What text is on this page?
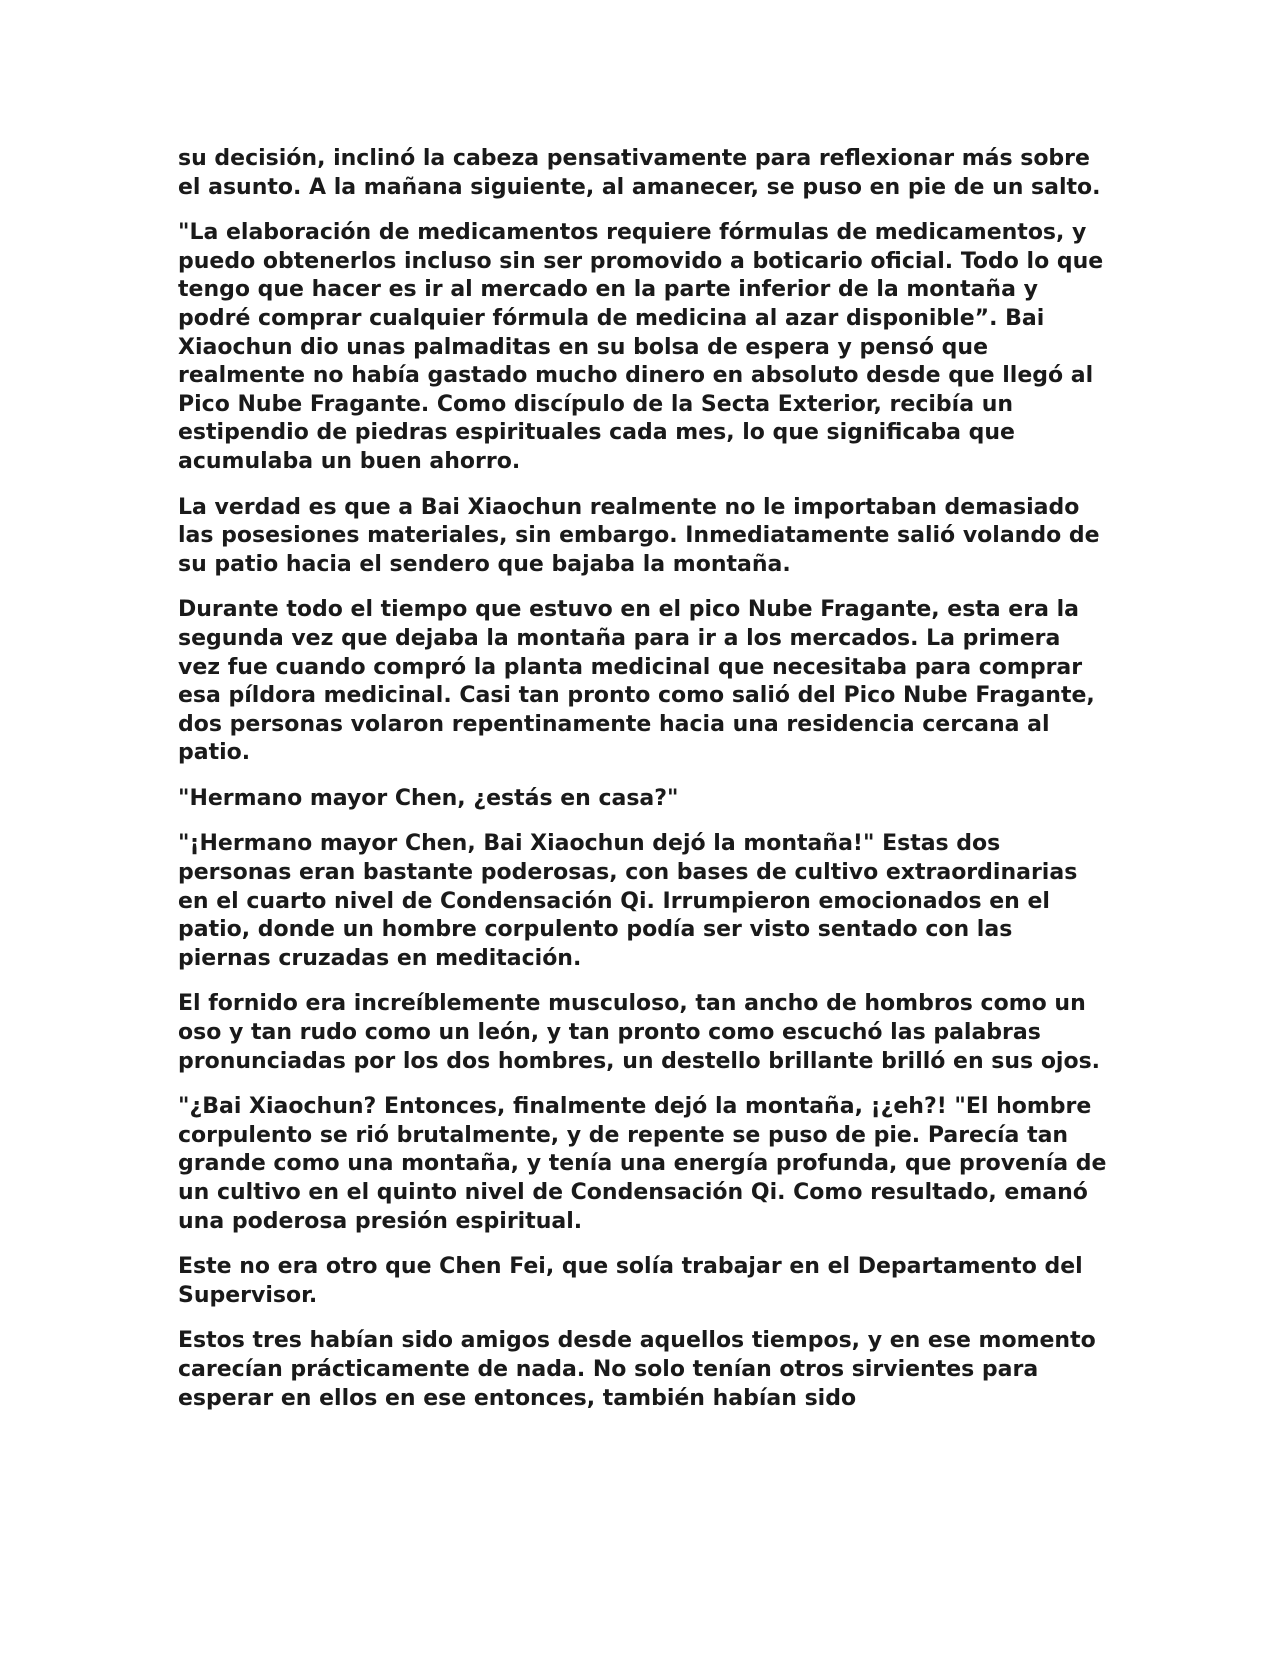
su decisión, inclinó la cabeza pensativamente para reflexionar más sobre el asunto. A la mañana siguiente, al amanecer, se puso en pie de un salto.

"La elaboración de medicamentos requiere fórmulas de medicamentos, y puedo obtenerlos incluso sin ser promovido a boticario oficial. Todo lo que tengo que hacer es ir al mercado en la parte inferior de la montaña y podré comprar cualquier fórmula de medicina al azar disponible”. Bai Xiaochun dio unas palmaditas en su bolsa de espera y pensó que realmente no había gastado mucho dinero en absoluto desde que llegó al Pico Nube Fragante. Como discípulo de la Secta Exterior, recibía un estipendio de piedras espirituales cada mes, lo que significaba que acumulaba un buen ahorro.

La verdad es que a Bai Xiaochun realmente no le importaban demasiado las posesiones materiales, sin embargo. Inmediatamente salió volando de su patio hacia el sendero que bajaba la montaña.

Durante todo el tiempo que estuvo en el pico Nube Fragante, esta era la segunda vez que dejaba la montaña para ir a los mercados. La primera vez fue cuando compró la planta medicinal que necesitaba para comprar esa píldora medicinal. Casi tan pronto como salió del Pico Nube Fragante, dos personas volaron repentinamente hacia una residencia cercana al patio.

"Hermano mayor Chen, ¿estás en casa?"

"¡Hermano mayor Chen, Bai Xiaochun dejó la montaña!" Estas dos personas eran bastante poderosas, con bases de cultivo extraordinarias en el cuarto nivel de Condensación Qi. Irrumpieron emocionados en el patio, donde un hombre corpulento podía ser visto sentado con las piernas cruzadas en meditación.

El fornido era increíblemente musculoso, tan ancho de hombros como un oso y tan rudo como un león, y tan pronto como escuchó las palabras pronunciadas por los dos hombres, un destello brillante brilló en sus ojos.

"¿Bai Xiaochun? Entonces, finalmente dejó la montaña, ¡¿eh?! "El hombre corpulento se rió brutalmente, y de repente se puso de pie. Parecía tan grande como una montaña, y tenía una energía profunda, que provenía de un cultivo en el quinto nivel de Condensación Qi. Como resultado, emanó una poderosa presión espiritual.

Este no era otro que Chen Fei, que solía trabajar en el Departamento del Supervisor.

Estos tres habían sido amigos desde aquellos tiempos, y en ese momento carecían prácticamente de nada. No solo tenían otros sirvientes para esperar en ellos en ese entonces, también habían sido
